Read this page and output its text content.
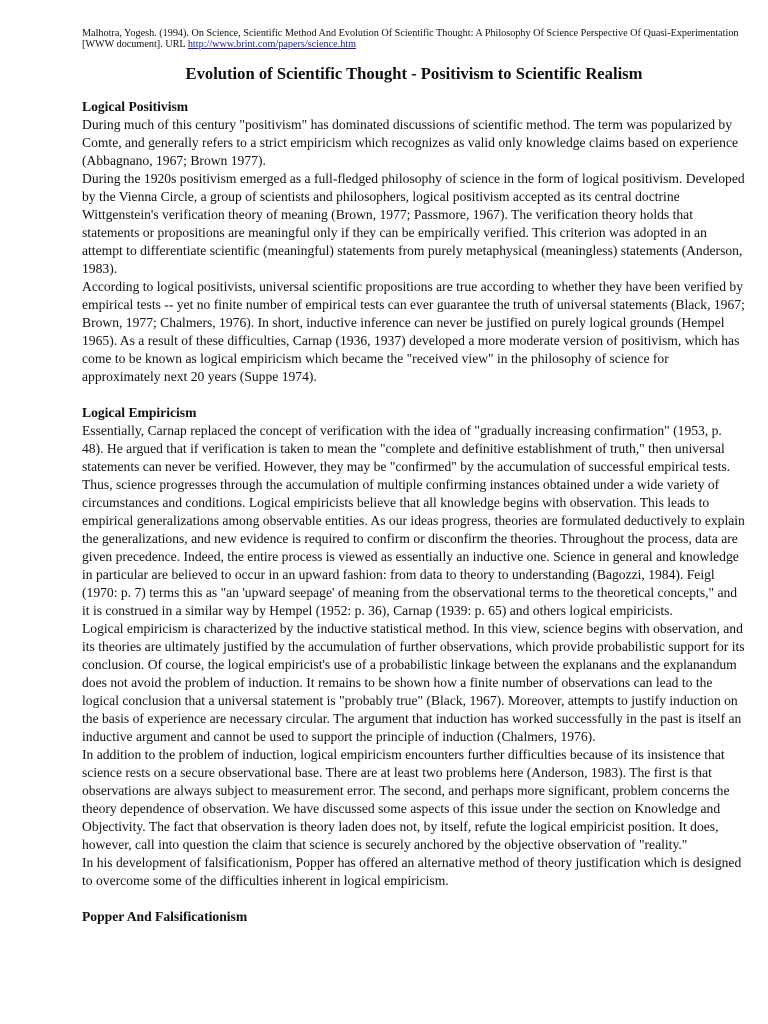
Malhotra, Yogesh. (1994). On Science, Scientific Method And Evolution Of Scientific Thought: A Philosophy Of Science Perspective Of Quasi-Experimentation [WWW document]. URL http://www.brint.com/papers/science.htm
Evolution of Scientific Thought - Positivism to Scientific Realism
Logical Positivism

During much of this century "positivism" has dominated discussions of scientific method. The term was popularized by Comte, and generally refers to a strict empiricism which recognizes as valid only knowledge claims based on experience (Abbagnano, 1967; Brown 1977).

During the 1920s positivism emerged as a full-fledged philosophy of science in the form of logical positivism. Developed by the Vienna Circle, a group of scientists and philosophers, logical positivism accepted as its central doctrine Wittgenstein's verification theory of meaning (Brown, 1977; Passmore, 1967). The verification theory holds that statements or propositions are meaningful only if they can be empirically verified. This criterion was adopted in an attempt to differentiate scientific (meaningful) statements from purely metaphysical (meaningless) statements (Anderson, 1983).

According to logical positivists, universal scientific propositions are true according to whether they have been verified by empirical tests -- yet no finite number of empirical tests can ever guarantee the truth of universal statements (Black, 1967; Brown, 1977; Chalmers, 1976). In short, inductive inference can never be justified on purely logical grounds (Hempel 1965). As a result of these difficulties, Carnap (1936, 1937) developed a more moderate version of positivism, which has come to be known as logical empiricism which became the "received view" in the philosophy of science for approximately next 20 years (Suppe 1974).

Logical Empiricism

Essentially, Carnap replaced the concept of verification with the idea of "gradually increasing confirmation" (1953, p. 48). He argued that if verification is taken to mean the "complete and definitive establishment of truth," then universal statements can never be verified. However, they may be "confirmed" by the accumulation of successful empirical tests. Thus, science progresses through the accumulation of multiple confirming instances obtained under a wide variety of circumstances and conditions. Logical empiricists believe that all knowledge begins with observation. This leads to empirical generalizations among observable entities. As our ideas progress, theories are formulated deductively to explain the generalizations, and new evidence is required to confirm or disconfirm the theories. Throughout the process, data are given precedence. Indeed, the entire process is viewed as essentially an inductive one. Science in general and knowledge in particular are believed to occur in an upward fashion: from data to theory to understanding (Bagozzi, 1984). Feigl (1970: p. 7) terms this as "an 'upward seepage' of meaning from the observational terms to the theoretical concepts," and it is construed in a similar way by Hempel (1952: p. 36), Carnap (1939: p. 65) and others logical empiricists.

Logical empiricism is characterized by the inductive statistical method. In this view, science begins with observation, and its theories are ultimately justified by the accumulation of further observations, which provide probabilistic support for its conclusion. Of course, the logical empiricist's use of a probabilistic linkage between the explanans and the explanandum does not avoid the problem of induction. It remains to be shown how a finite number of observations can lead to the logical conclusion that a universal statement is "probably true" (Black, 1967). Moreover, attempts to justify induction on the basis of experience are necessary circular. The argument that induction has worked successfully in the past is itself an inductive argument and cannot be used to support the principle of induction (Chalmers, 1976).

In addition to the problem of induction, logical empiricism encounters further difficulties because of its insistence that science rests on a secure observational base. There are at least two problems here (Anderson, 1983). The first is that observations are always subject to measurement error. The second, and perhaps more significant, problem concerns the theory dependence of observation. We have discussed some aspects of this issue under the section on Knowledge and Objectivity. The fact that observation is theory laden does not, by itself, refute the logical empiricist position. It does, however, call into question the claim that science is securely anchored by the objective observation of "reality."

In his development of falsificationism, Popper has offered an alternative method of theory justification which is designed to overcome some of the difficulties inherent in logical empiricism.

Popper And Falsificationism
